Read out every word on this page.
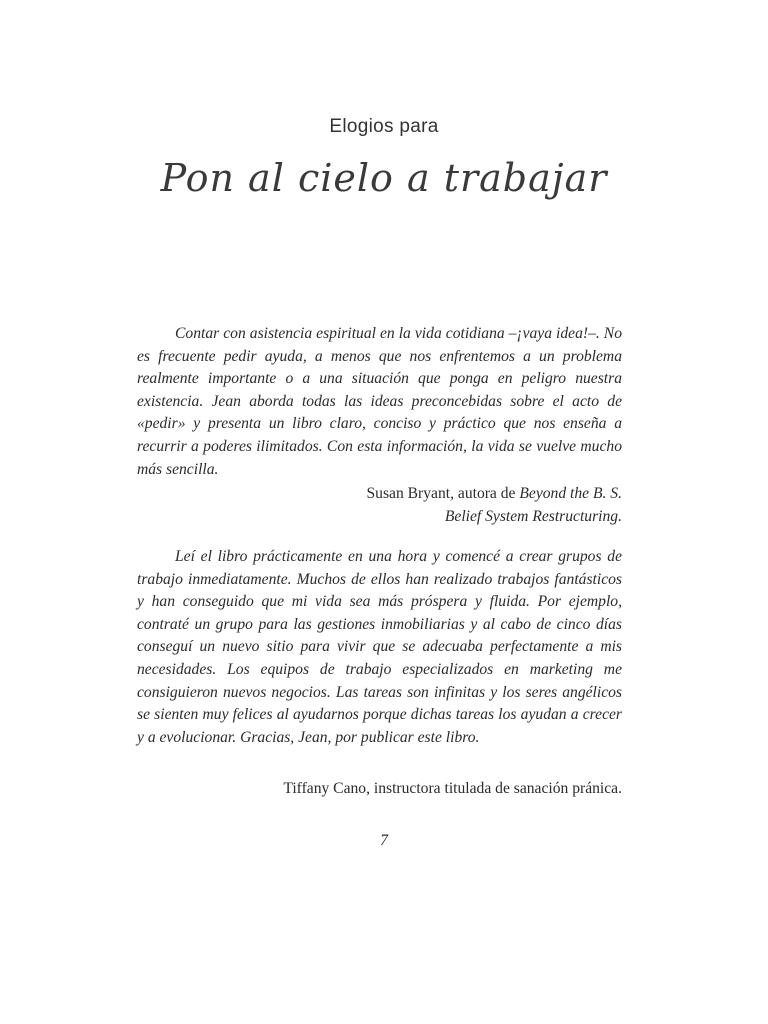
Elogios para
Pon al cielo a trabajar

Contar con asistencia espiritual en la vida cotidiana –¡vaya idea!–. No es frecuente pedir ayuda, a menos que nos enfrentemos a un problema realmente importante o a una situación que ponga en peligro nuestra existencia. Jean aborda todas las ideas preconcebidas sobre el acto de «pedir» y presenta un libro claro, conciso y práctico que nos enseña a recurrir a poderes ilimitados. Con esta información, la vida se vuelve mucho más sencilla.

Susan Bryant, autora de Beyond the B. S.
Belief System Restructuring.

Leí el libro prácticamente en una hora y comencé a crear grupos de trabajo inmediatamente. Muchos de ellos han realizado trabajos fantásticos y han conseguido que mi vida sea más próspera y fluida. Por ejemplo, contraté un grupo para las gestiones inmobiliarias y al cabo de cinco días conseguí un nuevo sitio para vivir que se adecuaba perfectamente a mis necesidades. Los equipos de trabajo especializados en marketing me consiguieron nuevos negocios. Las tareas son infinitas y los seres angélicos se sienten muy felices al ayudarnos porque dichas tareas los ayudan a crecer y a evolucionar. Gracias, Jean, por publicar este libro.

Tiffany Cano, instructora titulada de sanación pránica.
7
